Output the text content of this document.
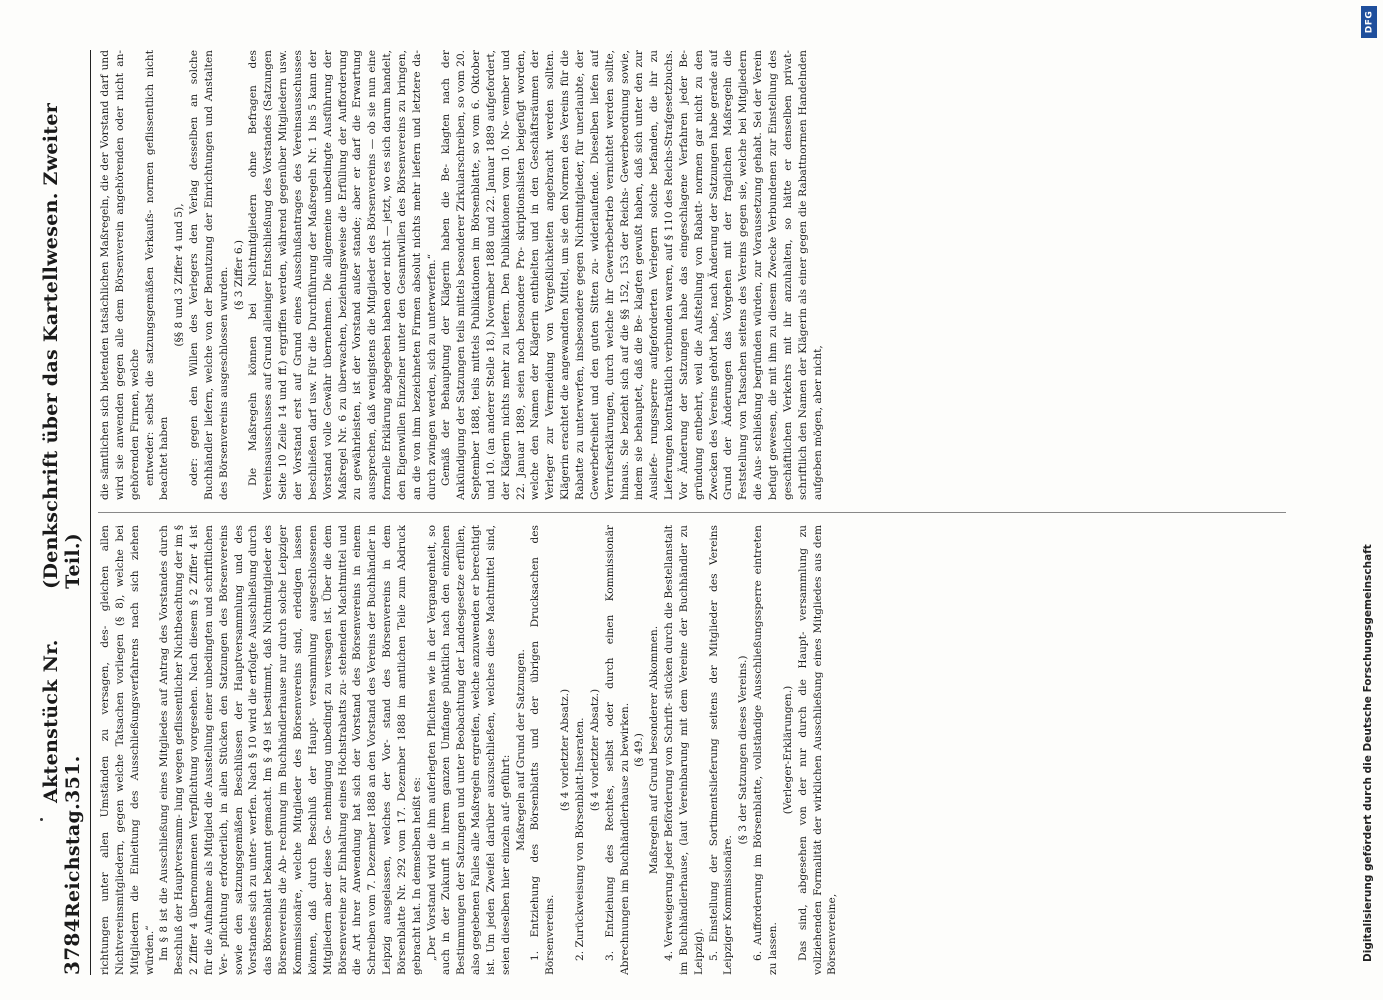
3784
Reichstag.
Aktenstück Nr. 351.
(Denkschrift über das Kartellwesen. Zweiter Teil.) richtungen unter allen Umständen zu versagen, des- gleichen allen Nichtvereinsmitgliedern, gegen welche Tatsachen vorliegen (§ 8), welche bei Mitgliedern die Einleitung des Ausschließungsverfahrens nach sich ziehen würden.“ Im § 8 ist die Ausschließung eines Mitgliedes auf Antrag des Vorstandes durch Beschluß der Hauptversamm- lung wegen geflissentlicher Nichtbeachtung der im § 2 Ziffer 4 übernommenen Verpflichtung vorgesehen. Nach diesem § 2 Ziffer 4 ist für die Aufnahme als Mitglied die Ausstellung einer unbedingten und schriftlichen Ver- pflichtung erforderlich, in allen Stücken den Satzungen des Börsenvereins sowie den satzungsgemäßen Beschlüssen der Hauptversammlung und des Vorstandes sich zu unter- werfen. Nach § 10 wird die erfolgte Ausschließung durch das Börsenblatt bekannt gemacht. Im § 49 ist bestimmt, daß Nichtmitglieder des Börsenvereins die Ab- rechnung im Buchhändlerhause nur durch solche Leipziger Kommissionäre, welche Mitglieder des Börsenvereins sind, erledigen lassen können, daß durch Beschluß der Haupt- versammlung ausgeschlossenen Mitgliedern aber diese Ge- nehmigung unbedingt zu versagen ist. Über die dem Börsenvereine zur Einhaltung eines Höchstrabatts zu- stehenden Machtmittel und die Art ihrer Anwendung hat sich der Vorstand des Börsenvereins in einem Schreiben vom 7. Dezember 1888 an den Vorstand des Vereins der Buchhändler in Leipzig ausgelassen, welches der Vor- stand des Börsenvereins in dem Börsenblatte Nr. 292 vom 17. Dezember 1888 im amtlichen Teile zum Abdruck gebracht hat. In demselben heißt es: „Der Vorstand wird die ihm auferlegten Pflichten wie in der Vergangenheit, so auch in der Zukunft in ihrem ganzen Umfange pünktlich nach den einzelnen Bestimmungen der Satzungen und unter Beobachtung der Landesgesetze erfüllen, also gegebenen Falles alle Maßregeln ergreifen, welche anzuwenden er berechtigt ist. Um jeden Zweifel darüber auszuschließen, welches diese Machtmittel sind, seien dieselben hier einzeln auf- geführt:

Maßregeln auf Grund der Satzungen. 1. Entziehung des Börsenblatts und der übrigen Drucksachen des Börsenvereins.

(§ 4 vorletzter Absatz.) 2. Zurückweisung von Börsenblatt-Inseraten. (§ 4 vorletzter Absatz.) 3. Entziehung des Rechtes, selbst oder durch einen Kommissionär Abrechnungen im Buchhändlerhause zu bewirken. (§ 49.) Maßregeln auf Grund besonderer Abkommen. 4. Verweigerung jeder Beförderung von Schrift- stücken durch die Bestellanstalt im Buchhändlerhause, (laut Vereinbarung mit dem Vereine der Buchhändler zu Leipzig). 5. Einstellung der Sortimentslieferung seitens der Mitglieder des Vereins Leipziger Kommissionäre.

(§ 3 der Satzungen dieses Vereins.) 6. Aufforderung im Börsenblatte, vollständige Ausschließungssperre eintreten zu lassen.

(Verleger-Erklärungen.) Das sind, abgesehen von der nur durch die Haupt- versammlung zu vollziehenden Formalität der wirklichen Ausschließung eines Mitgliedes aus dem Börsenvereine,

die sämtlichen sich bietenden tatsächlichen Maßregeln, die der Vorstand darf und wird sie anwenden gegen alle dem Börsenverein angehörenden oder nicht an- gehörenden Firmen, welche entweder: selbst die satzungsgemäßen Verkaufs- normen geflissentlich nicht beachtet haben

(§§ 8 und 3 Ziffer 4 und 5), oder: gegen den Willen des Verlegers den Verlag desselben an solche Buchhändler liefern, welche von der Benutzung der Einrichtungen und Anstalten des Börsenvereins ausgeschlossen wurden. (§ 3 Ziffer 6.) Die Maßregeln können bei Nichtmitgliedern ohne Befragen des Vereinsausschusses auf Grund alleiniger Entschließung des Vorstandes (Satzungen Seite 10 Zeile 14 und ff.) ergriffen werden, während gegenüber Mitgliedern usw. der Vorstand erst auf Grund eines Ausschußantrages des Vereinsausschusses beschließen darf usw. Für die Durchführung der Maßregeln Nr. 1 bis 5 kann der Vorstand volle Gewähr übernehmen. Die allgemeine unbedingte Ausführung der Maßregel Nr. 6 zu überwachen, beziehungsweise die Erfüllung der Aufforderung zu gewährleisten, ist der Vorstand außer stande; aber er darf die Erwartung aussprechen, daß wenigstens die Mitglieder des Börsenvereins — ob sie nun eine formelle Erklärung abgegeben haben oder nicht — jetzt, wo es sich darum handelt, den Eigenwillen Einzelner unter den Gesamtwillen des Börsenvereins zu bringen, an die von ihm bezeichneten Firmen absolut nichts mehr liefern und letztere da- durch zwingen werden, sich zu unterwerfen.“ Gemäß der Behauptung der Klägerin haben die Be- klagten nach der Ankündigung der Satzungen teils mittels besonderer Zirkularschreiben, so vom 20. September 1888, teils mittels Publikationen im Börsenblatte, so vom 6. Oktober und 10. (an anderer Stelle 18.) November 1888 und 22. Januar 1889 aufgefordert, der Klägerin nichts mehr zu liefern. Den Publikationen vom 10. No- vember und 22. Januar 1889, seien noch besondere Pro- skriptionslisten beigefügt worden, welche den Namen der Klägerin enthielten und in den Geschäftsräumen der Verleger zur Vermeidung von Vergeßlichkeiten angebracht werden sollten. Klägerin erachtet die angewandten Mittel, um sie den Normen des Vereins für die Rabatte zu unterwerfen, insbesondere gegen Nichtmitglieder, für unerlaubte, der Gewerbefreiheit und den guten Sitten zu- widerlaufende. Dieselben liefen auf Verrufserklärungen, durch welche ihr Gewerbebetrieb vernichtet werden sollte, hinaus. Sie bezieht sich auf die §§ 152, 153 der Reichs- Gewerbeordnung sowie, indem sie behauptet, daß die Be- klagten gewußt haben, daß sich unter den zur Ausliefe- rungssperre aufgeforderten Verlegern solche befanden, die ihr zu Lieferungen kontraktlich verbunden waren, auf § 110 des Reichs-Strafgesetzbuchs. Vor Änderung der Satzungen habe das eingeschlagene Verfahren jeder Be- gründung entbehrt, weil die Aufstellung von Rabatt- normen gar nicht zu den Zwecken des Vereins gehört habe, nach Änderung der Satzungen habe gerade auf Grund der Änderungen das Vorgehen mit der fraglichen Maßregeln die Feststellung von Tatsachen seitens des Vereins gegen sie, welche bei Mitgliedern die Aus- schließung begründen würden, zur Voraussetzung gehabt. Sei der Verein befugt gewesen, die mit ihm zu diesem Zwecke Verbundenen zur Einstellung des geschäftlichen Verkehrs mit ihr anzuhalten, so hätte er denselben privat- schriftlich den Namen der Klägerin als einer gegen die Rabattnormen Handelnden aufgeben mögen, aber nicht,

DFG
Digitalisierung gefördert durch die Deutsche Forschungsgemeinschaft
